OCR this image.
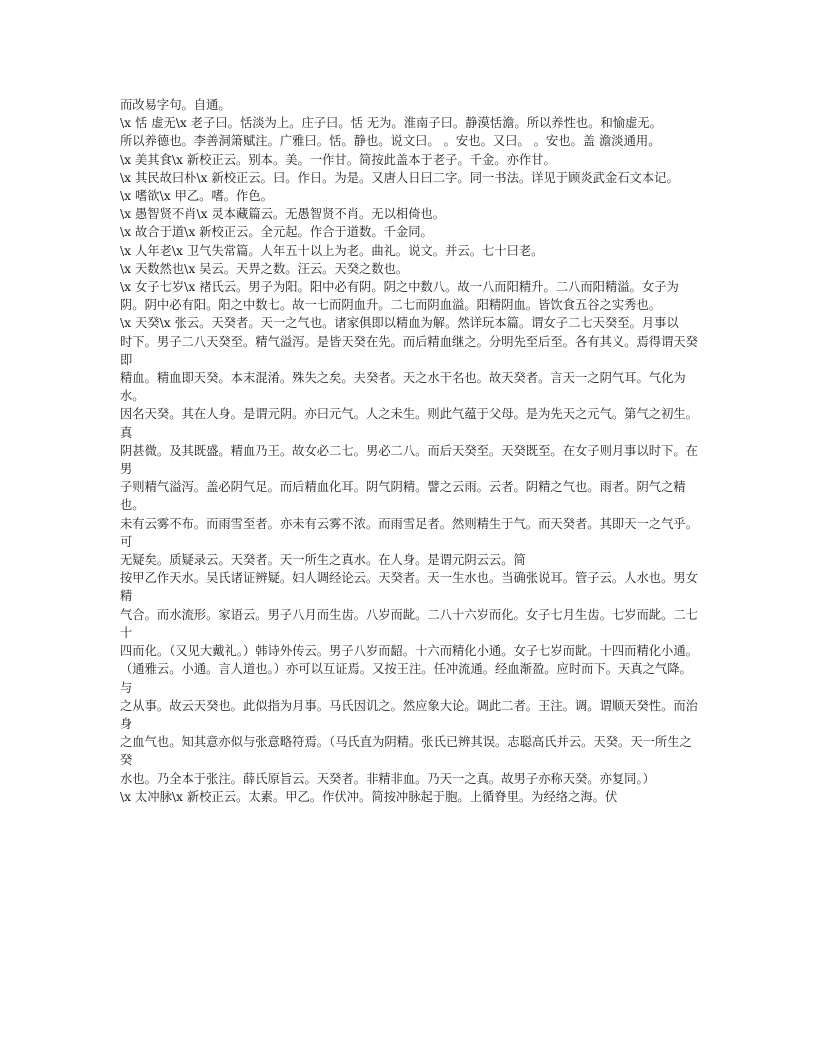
而改易字句。自通。

\x 恬 虚无\x 老子曰。恬淡为上。庄子曰。恬 无为。淮南子曰。静漠恬澹。所以养性也。和愉虚无。

所以养德也。李善洞箫赋注。广雅曰。恬。静也。说文曰。 。安也。又曰。 。安也。盖 澹淡通用。

\x 美其食\x 新校正云。别本。美。一作甘。简按此盖本于老子。千金。亦作甘。

\x 其民故曰朴\x 新校正云。曰。作日。为是。又唐人日曰二字。同一书法。详见于顾炎武金石文本记。

\x 嗜欲\x 甲乙。嗜。作色。

\x 愚智贤不肖\x 灵本藏篇云。无愚智贤不肖。无以相倚也。

\x 故合于道\x 新校正云。全元起。作合于道数。千金同。

\x 人年老\x 卫气失常篇。人年五十以上为老。曲礼。说文。并云。七十曰老。

\x 天数然也\x 吴云。天畀之数。汪云。天癸之数也。

\x 女子七岁\x 褚氏云。男子为阳。阳中必有阴。阴之中数八。故一八而阳精升。二八而阳精溢。女子为

阴。阴中必有阳。阳之中数七。故一七而阴血升。二七而阴血溢。阳精阴血。皆饮食五谷之实秀也。

\x 天癸\x 张云。天癸者。天一之气也。诸家俱即以精血为解。然详玩本篇。谓女子二七天癸至。月事以

时下。男子二八天癸至。精气溢泻。是皆天癸在先。而后精血继之。分明先至后至。各有其义。焉得谓天癸即

精血。精血即天癸。本末混淆。殊失之矣。夫癸者。天之水干名也。故天癸者。言天一之阴气耳。气化为水。

因名天癸。其在人身。是谓元阴。亦曰元气。人之未生。则此气蕴于父母。是为先天之元气。第气之初生。真

阴甚微。及其既盛。精血乃王。故女必二七。男必二八。而后天癸至。天癸既至。在女子则月事以时下。在男

子则精气溢泻。盖必阴气足。而后精血化耳。阴气阴精。譬之云雨。云者。阴精之气也。雨者。阴气之精也。

未有云雾不布。而雨雪至者。亦未有云雾不浓。而雨雪足者。然则精生于气。而天癸者。其即天一之气乎。可

无疑矣。质疑录云。天癸者。天一所生之真水。在人身。是谓元阴云云。简

按甲乙作天水。吴氏诸证辨疑。妇人调经论云。天癸者。天一生水也。当确张说耳。管子云。人水也。男女精

气合。而水流形。家语云。男子八月而生齿。八岁而龀。二八十六岁而化。女子七月生齿。七岁而龀。二七十

四而化。（又见大戴礼。）韩诗外传云。男子八岁而龆。十六而精化小通。女子七岁而龀。十四而精化小通。

（通雅云。小通。言人道也。）亦可以互证焉。又按王注。任冲流通。经血渐盈。应时而下。天真之气降。与

之从事。故云天癸也。此似指为月事。马氏因讥之。然应象大论。调此二者。王注。调。谓顺天癸性。而治身

之血气也。知其意亦似与张意略符焉。（马氏直为阴精。张氏已辨其误。志聪高氏并云。天癸。天一所生之癸

水也。乃全本于张注。薛氏原旨云。天癸者。非精非血。乃天一之真。故男子亦称天癸。亦复同。）

\x 太冲脉\x 新校正云。太素。甲乙。作伏冲。简按冲脉起于胞。上循脊里。为经络之海。伏
